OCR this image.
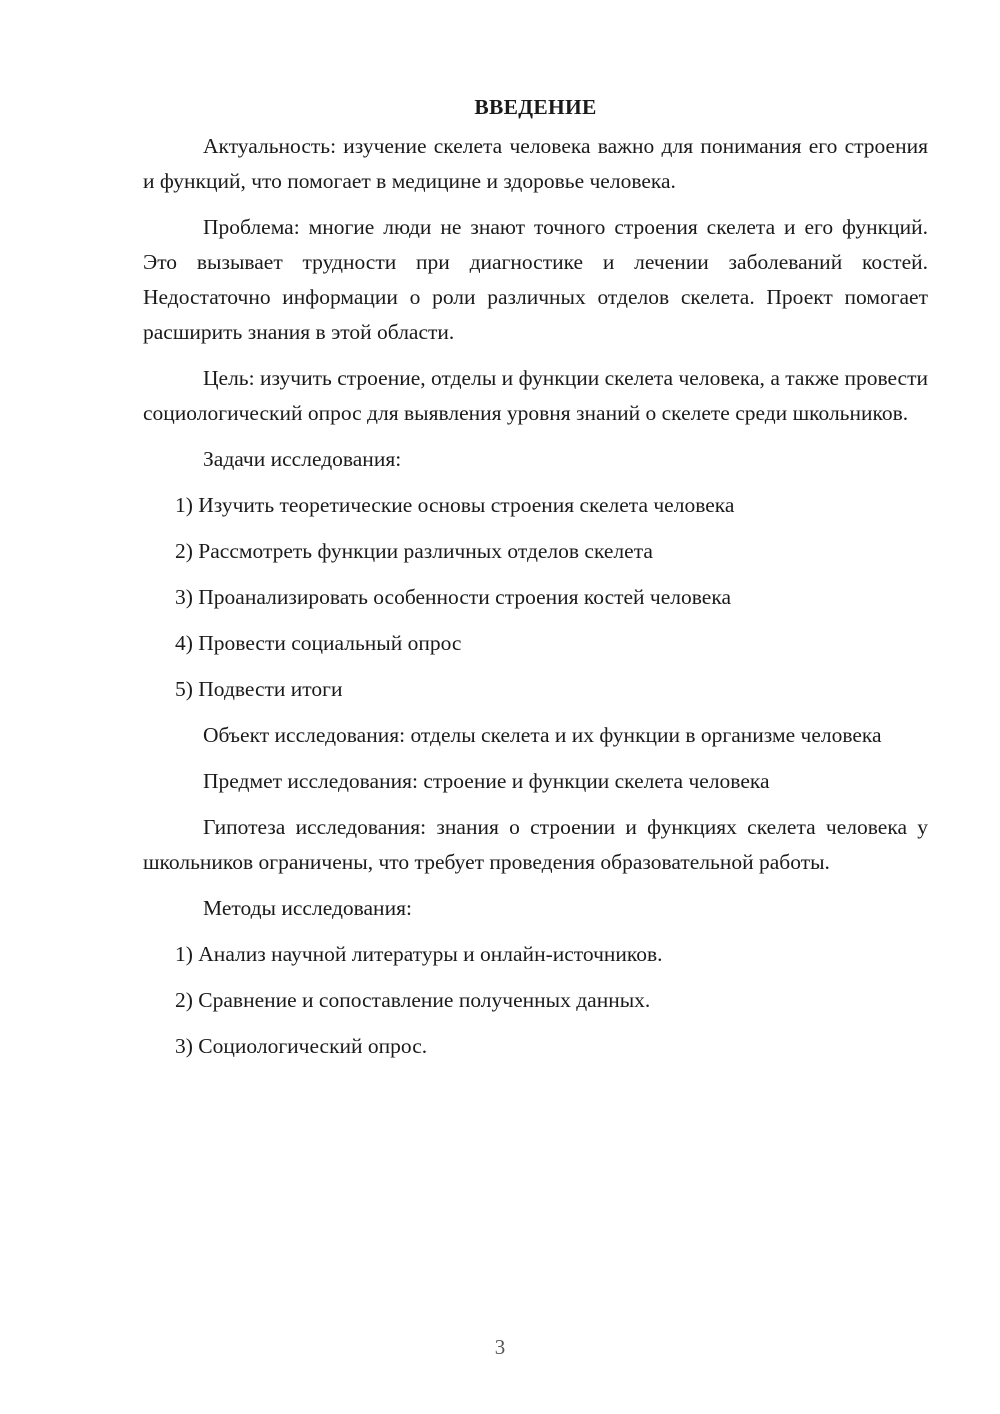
ВВЕДЕНИЕ

Актуальность: изучение скелета человека важно для понимания его строения и функций, что помогает в медицине и здоровье человека.

Проблема: многие люди не знают точного строения скелета и его функций. Это вызывает трудности при диагностике и лечении заболеваний костей. Недостаточно информации о роли различных отделов скелета. Проект помогает расширить знания в этой области.

Цель: изучить строение, отделы и функции скелета человека, а также провести социологический опрос для выявления уровня знаний о скелете среди школьников.

Задачи исследования:

1) Изучить теоретические основы строения скелета человека
2) Рассмотреть функции различных отделов скелета
3) Проанализировать особенности строения костей человека
4) Провести социальный опрос
5) Подвести итоги

Объект исследования: отделы скелета и их функции в организме человека

Предмет исследования: строение и функции скелета человека

Гипотеза исследования: знания о строении и функциях скелета человека у школьников ограничены, что требует проведения образовательной работы.

Методы исследования:

1) Анализ научной литературы и онлайн-источников.
2) Сравнение и сопоставление полученных данных.
3) Социологический опрос.
3
